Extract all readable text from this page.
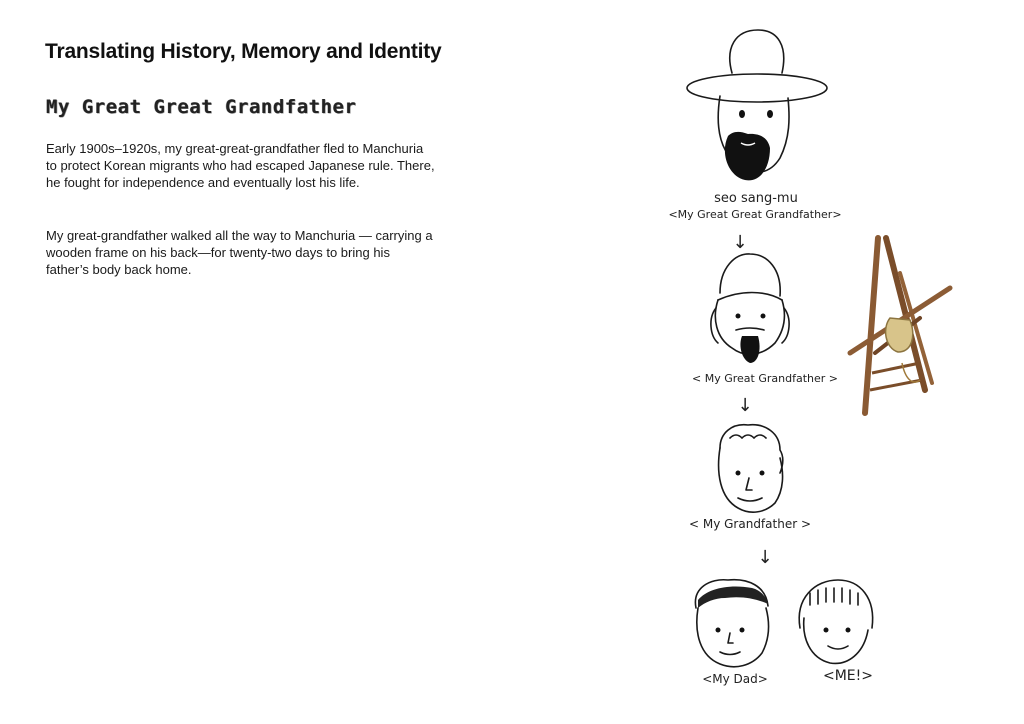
Translating History, Memory and Identity
My Great Great Grandfather

Early 1900s–1920s, my great-great-grandfather fled to Manchuria to protect Korean migrants who had escaped Japanese rule. There, he fought for independence and eventually lost his life.

My great-grandfather walked all the way to Manchuria — carrying a wooden frame on his back—for twenty-two days to bring his father’s body back home.

seo sang-mu
<My Great Great Grandfather>
↓
< My Great Grandfather >
↓
< My Grandfather >
↓
<My Dad>	<ME!>
